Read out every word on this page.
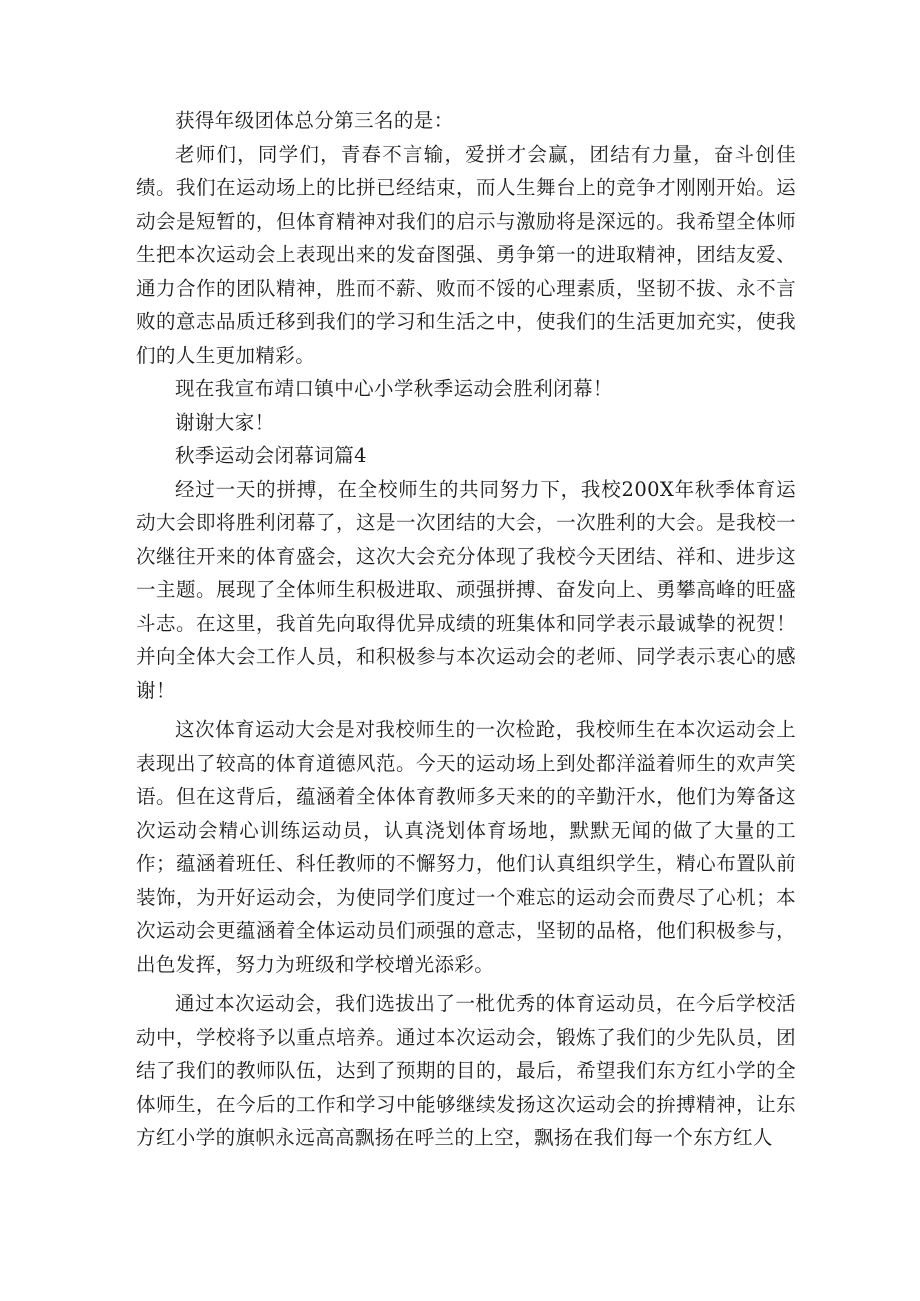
获得年级团体总分第三名的是：

老师们，同学们，青春不言输，爱拼才会赢，团结有力量，奋斗创佳绩。我们在运动场上的比拼已经结束，而人生舞台上的竞争才刚刚开始。运动会是短暂的，但体育精神对我们的启示与激励将是深远的。我希望全体师生把本次运动会上表现出来的发奋图强、勇争第一的进取精神，团结友爱、通力合作的团队精神，胜而不薪、败而不馁的心理素质，坚韧不拔、永不言败的意志品质迁移到我们的学习和生活之中，使我们的生活更加充实，使我们的人生更加精彩。

现在我宣布靖口镇中心小学秋季运动会胜利闭幕！

谢谢大家！

秋季运动会闭幕词篇4

经过一天的拼搏，在全校师生的共同努力下，我校200X年秋季体育运动大会即将胜利闭幕了，这是一次团结的大会，一次胜利的大会。是我校一次继往开来的体育盛会，这次大会充分体现了我校今天团结、祥和、进步这一主题。展现了全体师生积极进取、顽强拼搏、奋发向上、勇攀高峰的旺盛斗志。在这里，我首先向取得优异成绩的班集体和同学表示最诚挚的祝贺！并向全体大会工作人员，和积极参与本次运动会的老师、同学表示衷心的感谢！

这次体育运动大会是对我校师生的一次检跄，我校师生在本次运动会上表现出了较高的体育道德风范。今天的运动场上到处都洋溢着师生的欢声笑语。但在这背后，蕴涵着全体体育教师多天来的的辛勤汗水，他们为筹备这次运动会精心训练运动员，认真浇划体育场地，默默无闻的做了大量的工作；蕴涵着班任、科任教师的不懈努力，他们认真组织学生，精心布置队前装饰，为开好运动会，为使同学们度过一个难忘的运动会而费尽了心机；本次运动会更蕴涵着全体运动员们顽强的意志，坚韧的品格，他们积极参与，出色发挥，努力为班级和学校增光添彩。

通过本次运动会，我们选拔出了一枇优秀的体育运动员，在今后学校活动中，学校将予以重点培养。通过本次运动会，锻炼了我们的少先队员，团结了我们的教师队伍，达到了预期的目的，最后，希望我们东方红小学的全体师生，在今后的工作和学习中能够继续发扬这次运动会的拚搏精神，让东方红小学的旗帜永远高高飘扬在呼兰的上空，飘扬在我们每一个东方红人
